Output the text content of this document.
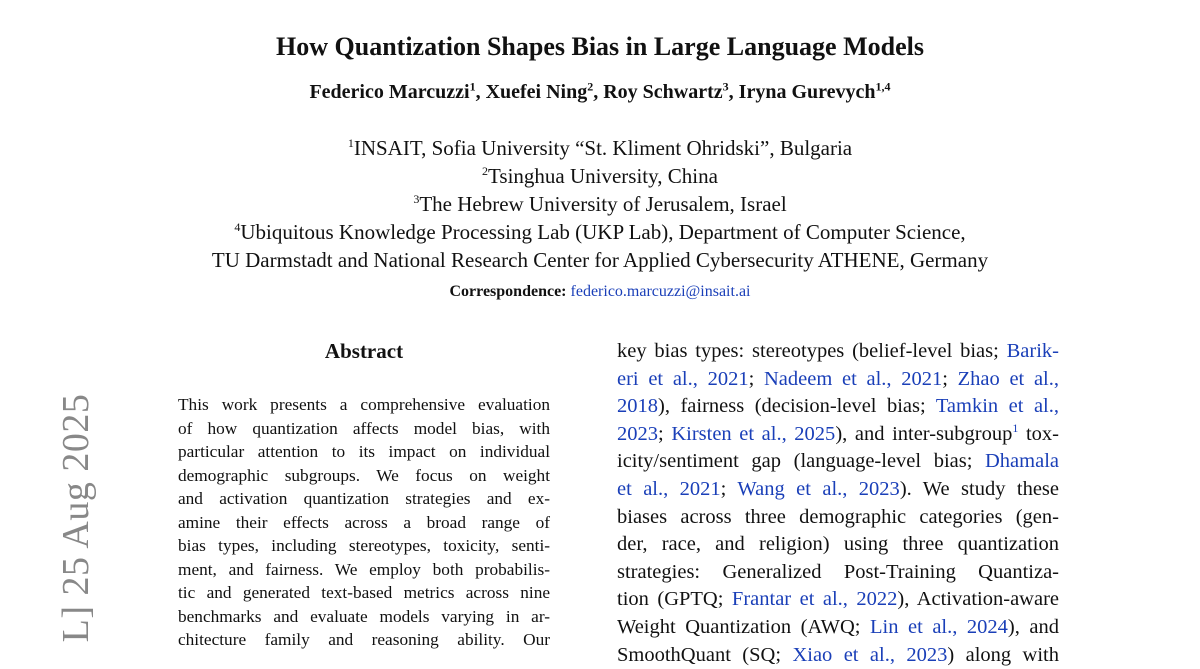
How Quantization Shapes Bias in Large Language Models
Federico Marcuzzi$^1$, Xuefei Ning$^2$, Roy Schwartz$^3$, Iryna Gurevych$^{1,4}$
$^1$INSAIT, Sofia University “St. Kliment Ohridski”, Bulgaria
$^2$Tsinghua University, China
$^3$The Hebrew University of Jerusalem, Israel
$^4$Ubiquitous Knowledge Processing Lab (UKP Lab), Department of Computer Science,
TU Darmstadt and National Research Center for Applied Cybersecurity ATHENE, Germany
Correspondence: federico.marcuzzi@insait.ai
L] 25 Aug 2025
Abstract
This work presents a comprehensive evaluation
of how quantization affects model bias, with
particular attention to its impact on individual
demographic subgroups. We focus on weight
and activation quantization strategies and ex-
amine their effects across a broad range of
bias types, including stereotypes, toxicity, senti-
ment, and fairness. We employ both probabilis-
tic and generated text-based metrics across nine
benchmarks and evaluate models varying in ar-
chitecture family and reasoning ability. Our
key bias types: stereotypes (belief-level bias; Barik-
eri et al., 2021; Nadeem et al., 2021; Zhao et al.,
2018), fairness (decision-level bias; Tamkin et al.,
2023; Kirsten et al., 2025), and inter-subgroup$^1$ tox-
icity/sentiment gap (language-level bias; Dhamala
et al., 2021; Wang et al., 2023). We study these
biases across three demographic categories (gen-
der, race, and religion) using three quantization
strategies: Generalized Post-Training Quantiza-
tion (GPTQ; Frantar et al., 2022), Activation-aware
Weight Quantization (AWQ; Lin et al., 2024), and
SmoothQuant (SQ; Xiao et al., 2023) along with
